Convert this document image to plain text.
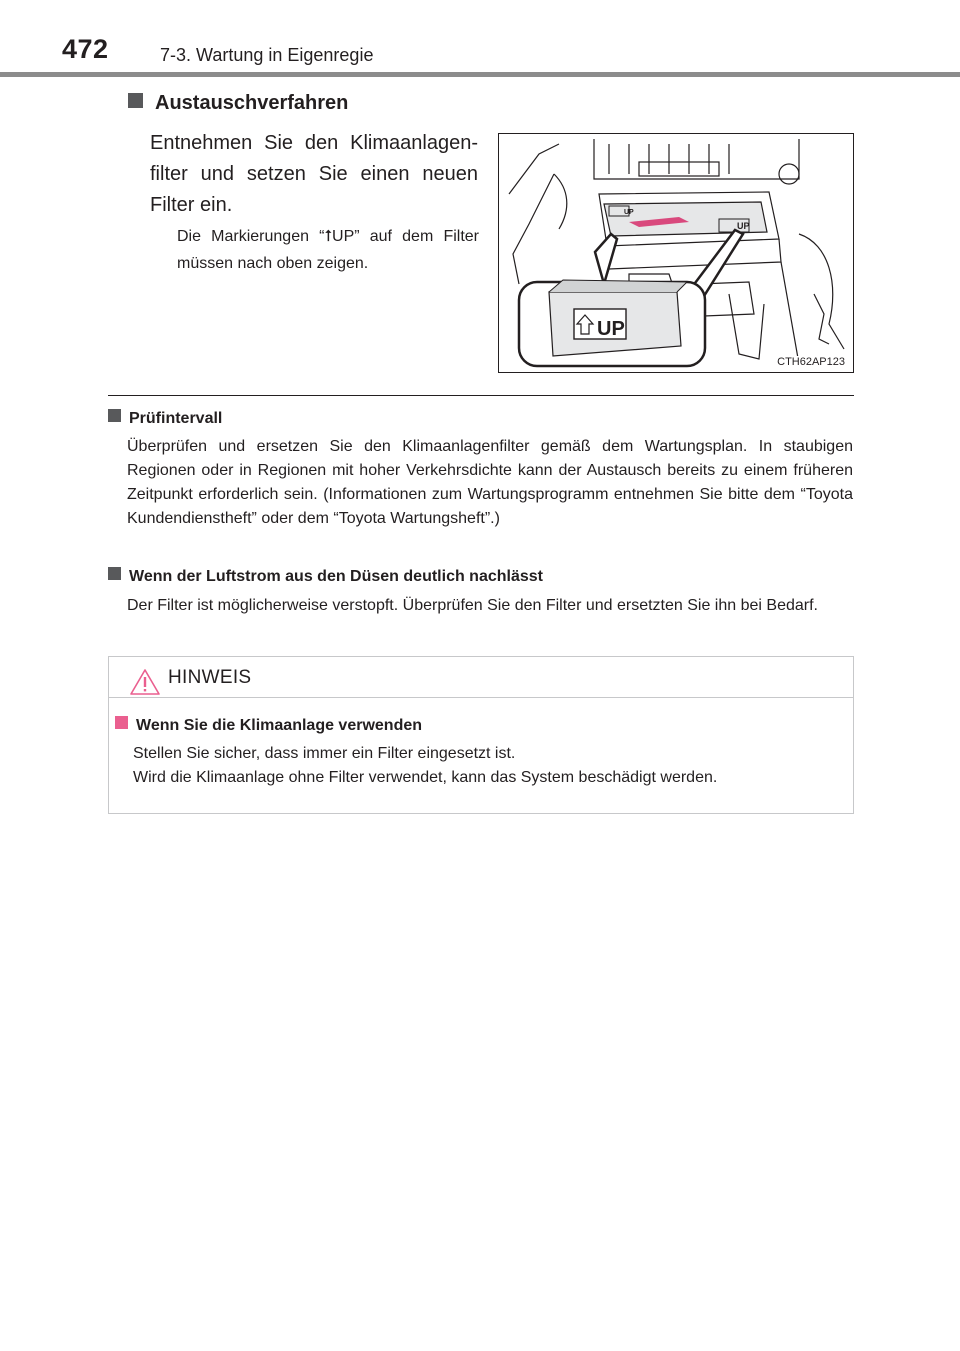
472	7-3. Wartung in Eigenregie
Austauschverfahren
Entnehmen Sie den Klimaanlagenfilter und setzen Sie einen neuen Filter ein.
Die Markierungen “⭡UP” auf dem Filter müssen nach oben zeigen.
UP
UP
UP
CTH62AP123
Prüfintervall
Überprüfen und ersetzen Sie den Klimaanlagenfilter gemäß dem Wartungsplan. In staubigen Regionen oder in Regionen mit hoher Verkehrsdichte kann der Austausch bereits zu einem früheren Zeitpunkt erforderlich sein. (Informationen zum Wartungsprogramm entnehmen Sie bitte dem “Toyota Kundendienstheft” oder dem “Toyota Wartungsheft”.)
Wenn der Luftstrom aus den Düsen deutlich nachlässt
Der Filter ist möglicherweise verstopft. Überprüfen Sie den Filter und ersetzten Sie ihn bei Bedarf.
HINWEIS
Wenn Sie die Klimaanlage verwenden
Stellen Sie sicher, dass immer ein Filter eingesetzt ist.
Wird die Klimaanlage ohne Filter verwendet, kann das System beschädigt werden.
